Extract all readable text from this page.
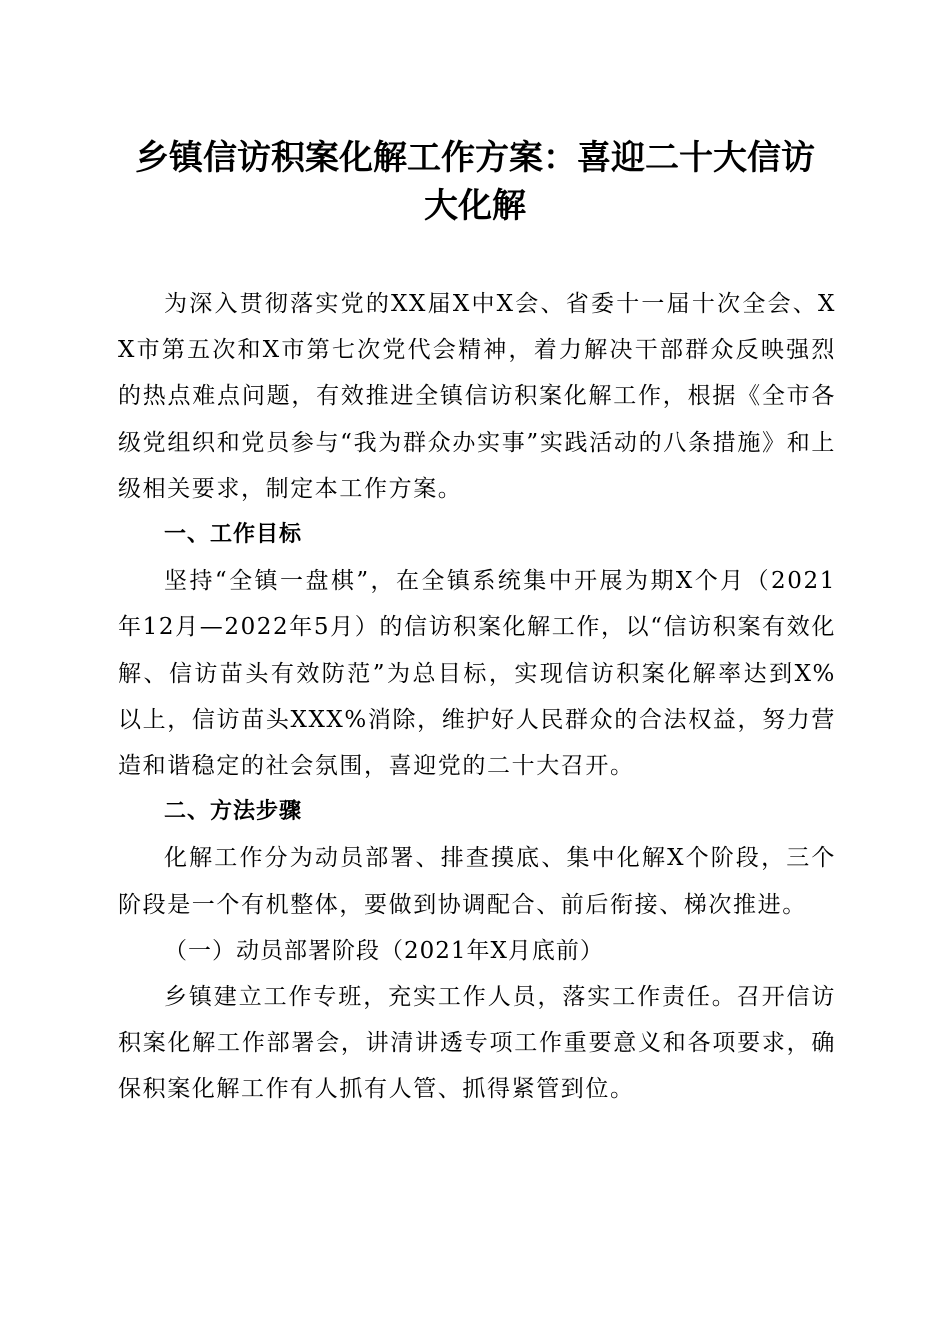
乡镇信访积案化解工作方案：喜迎二十大信访
大化解

为深入贯彻落实党的XX届X中X会、省委十一届十次全会、XX市第五次和X市第七次党代会精神，着力解决干部群众反映强烈的热点难点问题，有效推进全镇信访积案化解工作，根据《全市各级党组织和党员参与“我为群众办实事”实践活动的八条措施》和上级相关要求，制定本工作方案。

一、工作目标

坚持“全镇一盘棋”，在全镇系统集中开展为期X个月（2021年12月—2022年5月）的信访积案化解工作，以“信访积案有效化解、信访苗头有效防范”为总目标，实现信访积案化解率达到X%以上，信访苗头XXX%消除，维护好人民群众的合法权益，努力营造和谐稳定的社会氛围，喜迎党的二十大召开。

二、方法步骤

化解工作分为动员部署、排查摸底、集中化解X个阶段，三个阶段是一个有机整体，要做到协调配合、前后衔接、梯次推进。

（一）动员部署阶段（2021年X月底前）

乡镇建立工作专班，充实工作人员，落实工作责任。召开信访积案化解工作部署会，讲清讲透专项工作重要意义和各项要求，确保积案化解工作有人抓有人管、抓得紧管到位。
